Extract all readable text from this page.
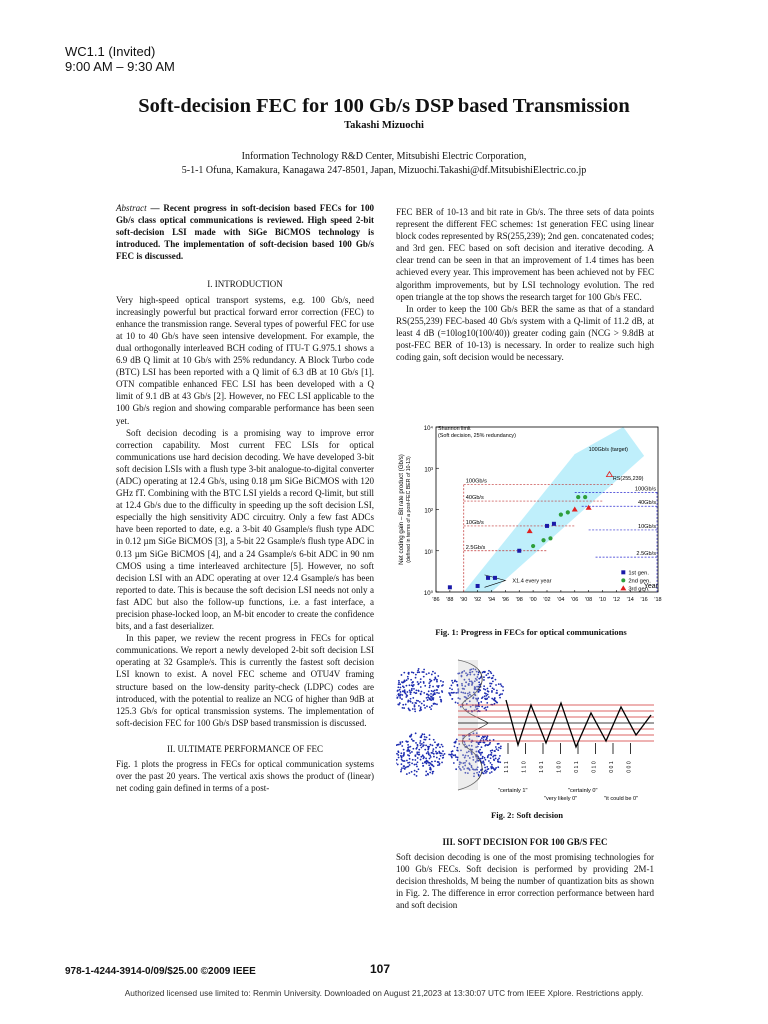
WC1.1 (Invited)
9:00 AM – 9:30 AM
Soft-decision FEC for 100 Gb/s DSP based Transmission
Takashi Mizuochi
Information Technology R&D Center, Mitsubishi Electric Corporation,
5-1-1 Ofuna, Kamakura, Kanagawa 247-8501, Japan, Mizuochi.Takashi@df.MitsubishiElectric.co.jp

Abstract — Recent progress in soft-decision based FECs for 100 Gb/s class optical communications is reviewed. High speed 2-bit soft-decision LSI made with SiGe BiCMOS technology is introduced. The implementation of soft-decision based 100 Gb/s FEC is discussed.

I. INTRODUCTION

Very high-speed optical transport systems, e.g. 100 Gb/s, need increasingly powerful but practical forward error correction (FEC) to enhance the transmission range. Several types of powerful FEC for use at 10 to 40 Gb/s have seen intensive development. For example, the dual orthogonally interleaved BCH coding of ITU-T G.975.1 shows a 6.9 dB Q limit at 10 Gb/s with 25% redundancy. A Block Turbo code (BTC) LSI has been reported with a Q limit of 6.3 dB at 10 Gb/s [1]. OTN compatible enhanced FEC LSI has been developed with a Q limit of 9.1 dB at 43 Gb/s [2]. However, no FEC LSI applicable to the 100 Gb/s region and showing comparable performance has been seen yet.

Soft decision decoding is a promising way to improve error correction capability. Most current FEC LSIs for optical communications use hard decision decoding. We have developed 3-bit soft decision LSIs with a flush type 3-bit analogue-to-digital converter (ADC) operating at 12.4 Gb/s, using 0.18 µm SiGe BiCMOS with 120 GHz fT. Combining with the BTC LSI yields a record Q-limit, but still at 12.4 Gb/s due to the difficulty in speeding up the soft decision LSI, especially the high sensitivity ADC circuitry. Only a few fast ADCs have been reported to date, e.g. a 3-bit 40 Gsample/s flush type ADC in 0.12 µm SiGe BiCMOS [3], a 5-bit 22 Gsample/s flush type ADC in 0.13 µm SiGe BiCMOS [4], and a 24 Gsample/s 6-bit ADC in 90 nm CMOS using a time interleaved architecture [5]. However, no soft decision LSI with an ADC operating at over 12.4 Gsample/s has been reported to date. This is because the soft decision LSI needs not only a fast ADC but also the follow-up functions, i.e. a fast interface, a precision phase-locked loop, an M-bit encoder to create the confidence bits, and a fast deserializer.

In this paper, we review the recent progress in FECs for optical communications. We report a newly developed 2-bit soft decision LSI operating at 32 Gsample/s. This is currently the fastest soft decision LSI known to exist. A novel FEC scheme and OTU4V framing structure based on the low-density parity-check (LDPC) codes are introduced, with the potential to realize an NCG of higher than 9dB at 125.3 Gb/s for optical transmission systems. The implementation of soft-decision FEC for 100 Gb/s DSP based transmission is discussed.

II. ULTIMATE PERFORMANCE OF FEC

Fig. 1 plots the progress in FECs for optical communication systems over the past 20 years. The vertical axis shows the product of (linear) net coding gain defined in terms of a post-

FEC BER of 10-13 and bit rate in Gb/s. The three sets of data points represent the different FEC schemes: 1st generation FEC using linear block codes represented by RS(255,239); 2nd gen. concatenated codes; and 3rd gen. FEC based on soft decision and iterative decoding. A clear trend can be seen in that an improvement of 1.4 times has been achieved every year. This improvement has been achieved not by FEC algorithm improvements, but by LSI technology evolution. The red open triangle at the top shows the research target for 100 Gb/s FEC.

In order to keep the 100 Gb/s BER the same as that of a standard RS(255,239) FEC-based 40 Gb/s system with a Q-limit of 11.2 dB, at least 4 dB (=10log10(100/40)) greater coding gain (NCG > 9.8dB at post-FEC BER of 10-13) is necessary. In order to realize such high coding gain, soft decision would be necessary.

10⁴
10³
10²
10¹
10⁰
'86 '88 '90 '92 '94 '96 '98 '00 '02 '04 '06 '08 '10 '12 '14 '16 '18
Year
Net coding gain – Bit rate product (Gb/s) (defined in terms of a post-FEC BER of 10-13)	100Gb/s
40Gb/s
10Gb/s
2.5Gb/s
100Gb/s
40Gb/s
10Gb/s
2.5Gb/s
Shannon limit
(Soft decision, 25% redundancy)
100Gb/s (target)
RS(255,239)
X1.4 every year
1st gen.
2nd gen.
3rd gen.
Fig. 1: Progress in FECs for optical communications
1 1 1 1 1 0 1 0 1 1 0 0 0 1 1 0 1 0 0 0 1 0 0 0
"certainly 1"
"very likely 0"
"certainly 0"
"it could be 0"
Fig. 2: Soft decision
III. SOFT DECISION FOR 100 GB/S FEC

Soft decision decoding is one of the most promising technologies for 100 Gb/s FECs. Soft decision is performed by providing 2M-1 decision thresholds, M being the number of quantization bits as shown in Fig. 2. The difference in error correction performance between hard and soft decision

978-1-4244-3914-0/09/$25.00 ©2009 IEEE	107
Authorized licensed use limited to: Renmin University. Downloaded on August 21,2023 at 13:30:07 UTC from IEEE Xplore. Restrictions apply.
